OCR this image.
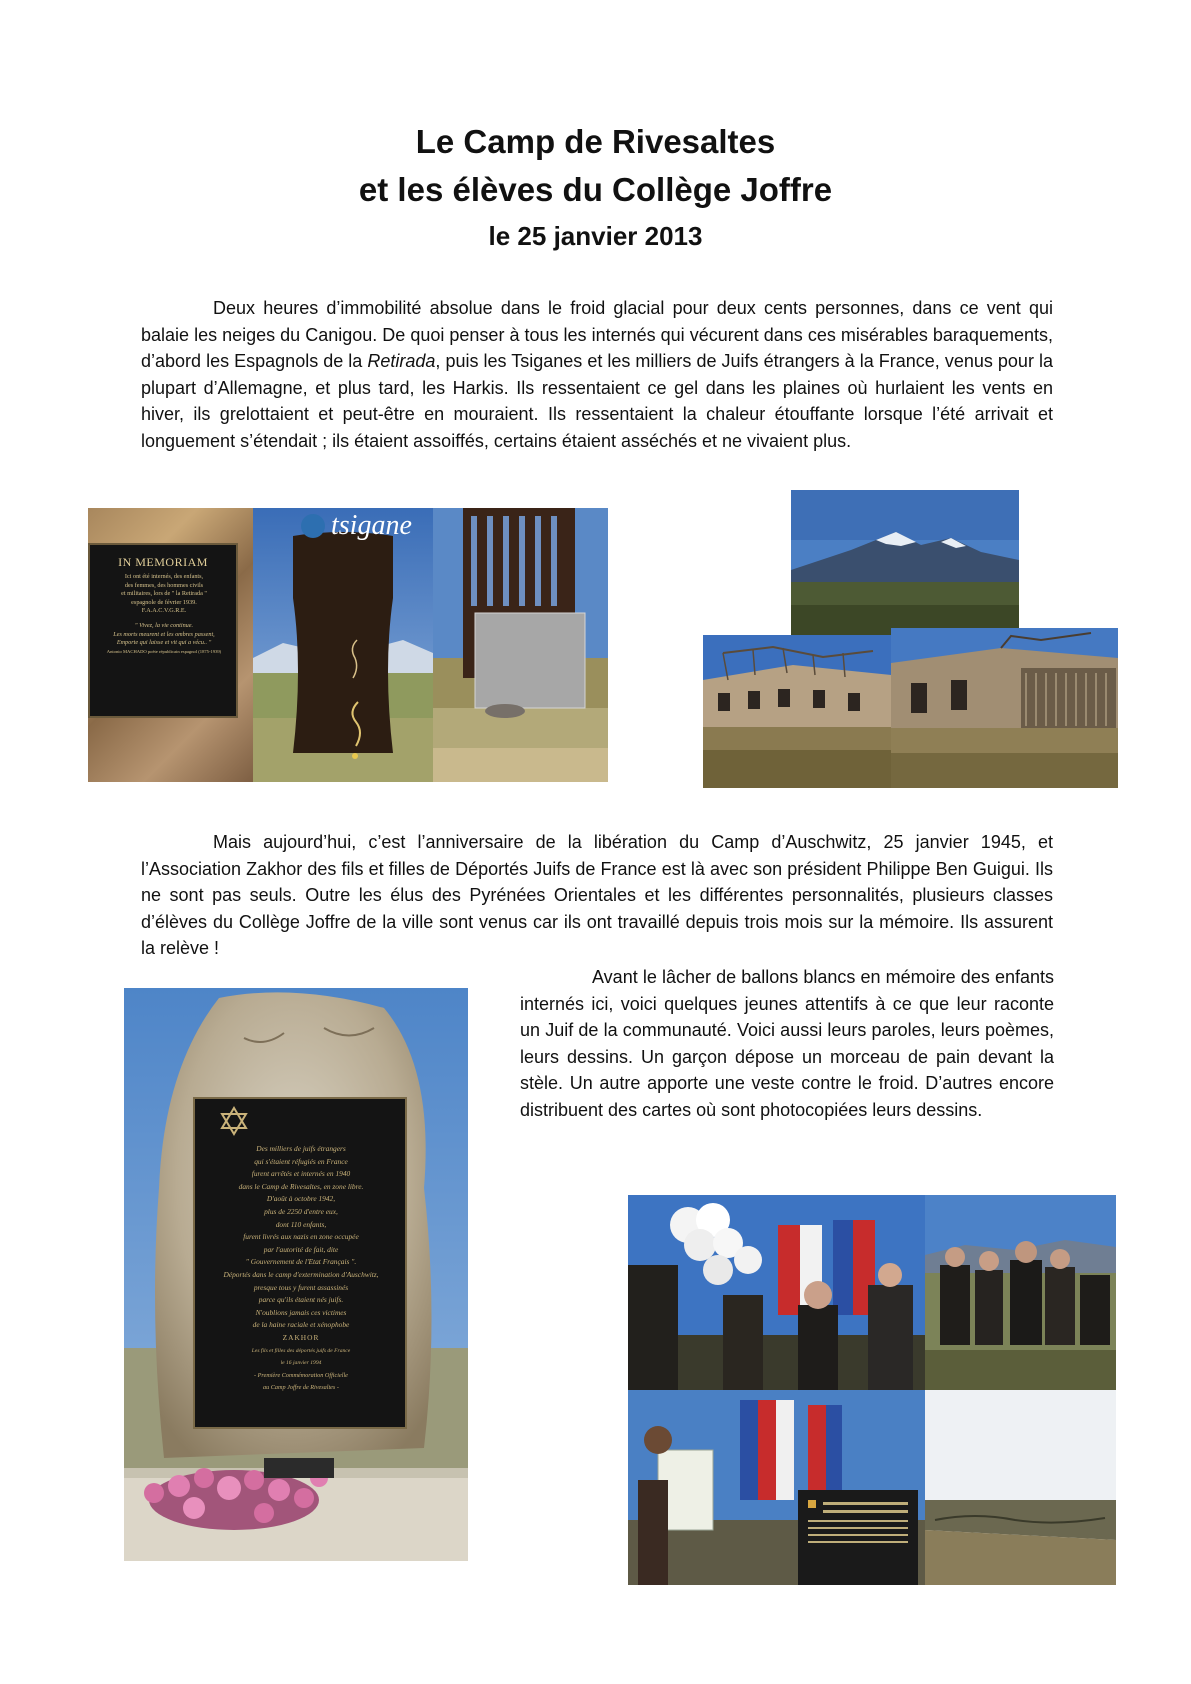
Le Camp de Rivesaltes
et les élèves du Collège Joffre
le 25 janvier 2013
Deux heures d’immobilité absolue dans le froid glacial pour deux cents personnes, dans ce vent qui balaie les neiges du Canigou. De quoi penser à tous les internés qui vécurent dans ces misérables baraquements, d’abord les Espagnols de la Retirada, puis les Tsiganes et les milliers de Juifs étrangers à la France, venus pour la plupart d’Allemagne, et plus tard, les Harkis. Ils ressentaient ce gel dans les plaines où hurlaient les vents en hiver, ils grelottaient et peut-être en mouraient. Ils ressentaient la chaleur étouffante lorsque l’été arrivait et longuement s’étendait ; ils étaient assoiffés, certains étaient asséchés et ne vivaient plus.
IN MEMORIAM
Ici ont été internés, des enfants,
des femmes, des hommes civils
et militaires, lors de " la Retirada "
espagnole de février 1939.
F.A.A.C.V.G.R.E.
" Vivez, la vie continue.
Les morts meurent et les ombres passent,
Emporte qui laisse et vit qui a vécu.. "
Antonio MACHADO poète républicain espagnol (1875-1939)
tsigane
Mais aujourd’hui, c’est l’anniversaire de la libération du Camp d’Auschwitz, 25 janvier 1945, et l’Association Zakhor des fils et filles de Déportés Juifs de France est là avec son président Philippe Ben Guigui. Ils ne sont pas seuls. Outre les élus des Pyrénées Orientales et les différentes personnalités, plusieurs classes d’élèves du Collège Joffre de la ville sont venus car ils ont travaillé depuis trois mois sur la mémoire. Ils assurent la relève !
Des milliers de juifs étrangers
qui s'étaient réfugiés en France
furent arrêtés et internés en 1940
dans le Camp de Rivesaltes, en zone libre.
D'août à octobre 1942,
plus de 2250 d'entre eux,
dont 110 enfants,
furent livrés aux nazis en zone occupée
par l'autorité de fait, dite
" Gouvernement de l'Etat Français ".
Déportés dans le camp d'extermination d'Auschwitz,
presque tous y furent assassinés
parce qu'ils étaient nés juifs.
N'oublions jamais ces victimes
de la haine raciale et xénophobe
ZAKHOR
Les fils et filles des déportés juifs de France
le 16 janvier 1994
- Première Commémoration Officielle
au Camp Joffre de Rivesaltes -
Avant le lâcher de ballons blancs en mémoire des enfants internés ici, voici quelques jeunes attentifs à ce que leur raconte un Juif de la communauté. Voici aussi leurs paroles, leurs poèmes, leurs dessins. Un garçon dépose un morceau de pain devant la stèle. Un autre apporte une veste contre le froid. D’autres encore distribuent des cartes où sont photocopiées leurs dessins.
